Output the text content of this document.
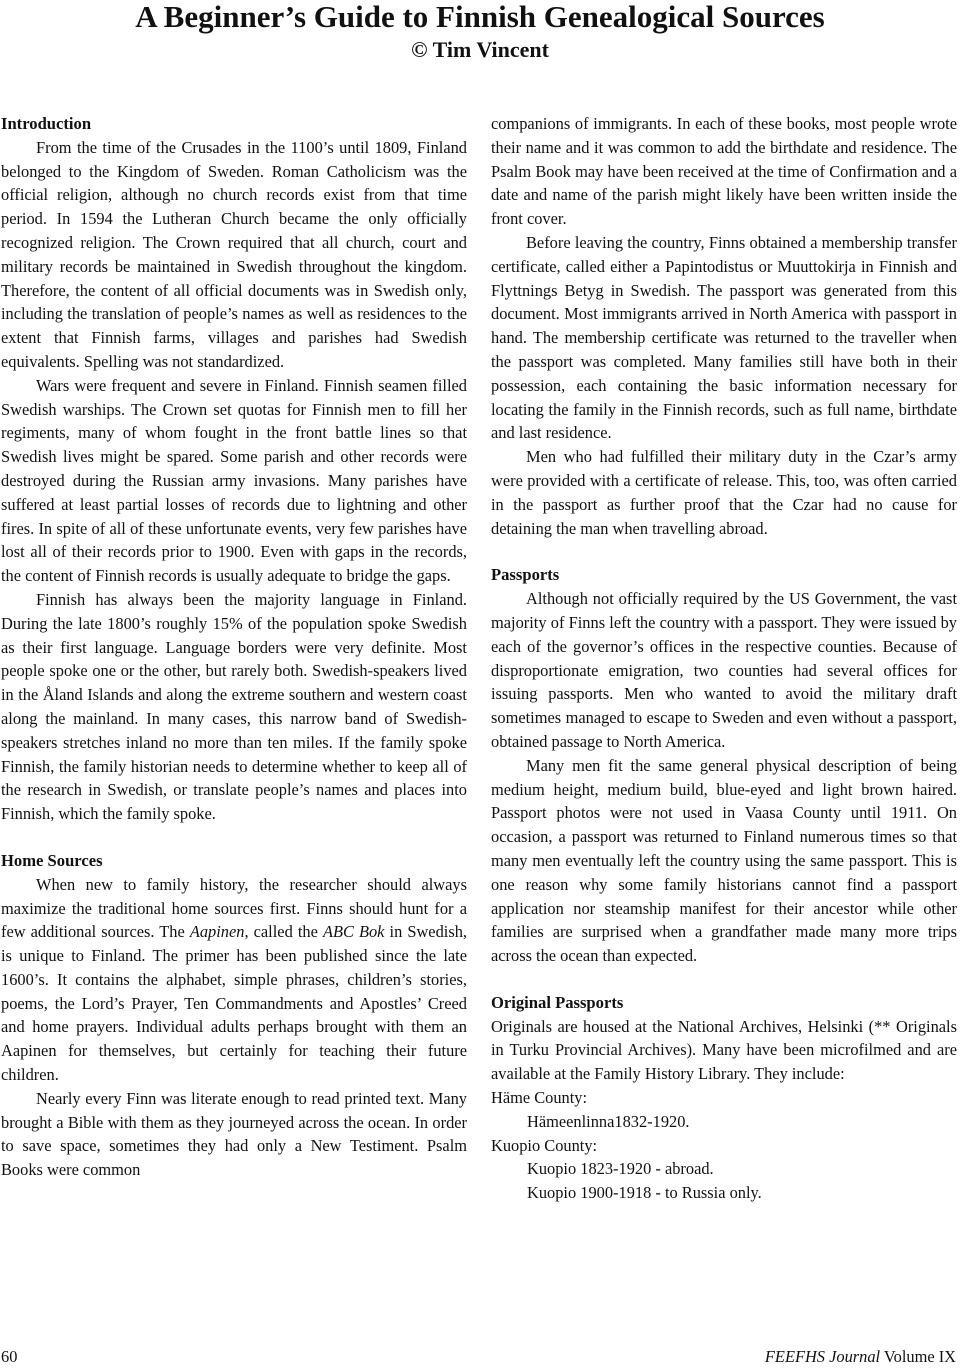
A Beginner’s Guide to Finnish Genealogical Sources
© Tim Vincent
Introduction

From the time of the Crusades in the 1100’s until 1809, Finland belonged to the Kingdom of Sweden. Roman Catholicism was the official religion, although no church records exist from that time period. In 1594 the Lutheran Church became the only officially recognized religion. The Crown required that all church, court and military records be maintained in Swedish throughout the kingdom. Therefore, the content of all official documents was in Swedish only, including the translation of people’s names as well as residences to the extent that Finnish farms, villages and parishes had Swedish equivalents. Spelling was not standardized.

Wars were frequent and severe in Finland. Finnish seamen filled Swedish warships. The Crown set quotas for Finnish men to fill her regiments, many of whom fought in the front battle lines so that Swedish lives might be spared. Some parish and other records were destroyed during the Russian army invasions. Many parishes have suffered at least partial losses of records due to lightning and other fires. In spite of all of these unfortunate events, very few parishes have lost all of their records prior to 1900. Even with gaps in the records, the content of Finnish records is usually adequate to bridge the gaps.

Finnish has always been the majority language in Finland. During the late 1800’s roughly 15% of the population spoke Swedish as their first language. Language borders were very definite. Most people spoke one or the other, but rarely both. Swedish-speakers lived in the Åland Islands and along the extreme southern and western coast along the mainland. In many cases, this narrow band of Swedish-speakers stretches inland no more than ten miles. If the family spoke Finnish, the family historian needs to determine whether to keep all of the research in Swedish, or translate people’s names and places into Finnish, which the family spoke.

Home Sources

When new to family history, the researcher should always maximize the traditional home sources first. Finns should hunt for a few additional sources. The Aapinen, called the ABC Bok in Swedish, is unique to Finland. The primer has been published since the late 1600’s. It contains the alphabet, simple phrases, children’s stories, poems, the Lord’s Prayer, Ten Commandments and Apostles’ Creed and home prayers. Individual adults perhaps brought with them an Aapinen for themselves, but certainly for teaching their future children.

Nearly every Finn was literate enough to read printed text. Many brought a Bible with them as they journeyed across the ocean. In order to save space, sometimes they had only a New Testiment. Psalm Books were common

companions of immigrants. In each of these books, most people wrote their name and it was common to add the birthdate and residence. The Psalm Book may have been received at the time of Confirmation and a date and name of the parish might likely have been written inside the front cover.

Before leaving the country, Finns obtained a membership transfer certificate, called either a Papintodistus or Muuttokirja in Finnish and Flyttnings Betyg in Swedish. The passport was generated from this document. Most immigrants arrived in North America with passport in hand. The membership certificate was returned to the traveller when the passport was completed. Many families still have both in their possession, each containing the basic information necessary for locating the family in the Finnish records, such as full name, birthdate and last residence.

Men who had fulfilled their military duty in the Czar’s army were provided with a certificate of release. This, too, was often carried in the passport as further proof that the Czar had no cause for detaining the man when travelling abroad.

Passports

Although not officially required by the US Government, the vast majority of Finns left the country with a passport. They were issued by each of the governor’s offices in the respective counties. Because of disproportionate emigration, two counties had several offices for issuing passports. Men who wanted to avoid the military draft sometimes managed to escape to Sweden and even without a passport, obtained passage to North America.

Many men fit the same general physical description of being medium height, medium build, blue-eyed and light brown haired. Passport photos were not used in Vaasa County until 1911. On occasion, a passport was returned to Finland numerous times so that many men eventually left the country using the same passport. This is one reason why some family historians cannot find a passport application nor steamship manifest for their ancestor while other families are surprised when a grandfather made many more trips across the ocean than expected.

Original Passports

Originals are housed at the National Archives, Helsinki (** Originals in Turku Provincial Archives). Many have been microfilmed and are available at the Family History Library. They include:

Häme County:
Hämeenlinna1832-1920.
Kuopio County:
Kuopio 1823-1920 - abroad.
Kuopio 1900-1918 - to Russia only.
60	FEEFHS Journal Volume IX
